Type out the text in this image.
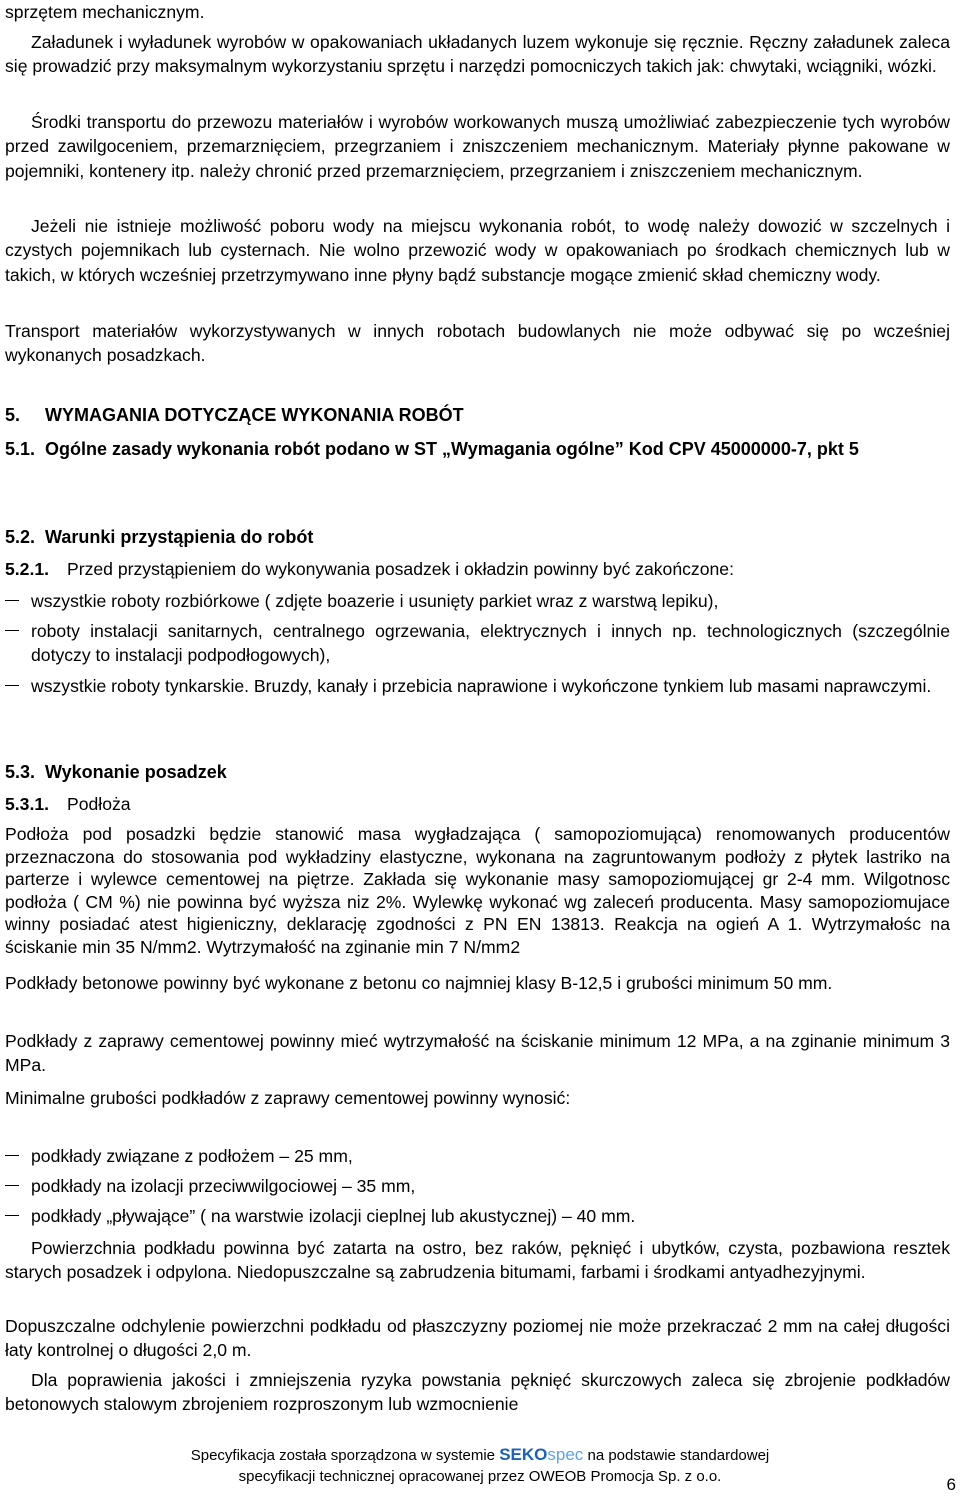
sprzętem mechanicznym.

Załadunek i wyładunek wyrobów w opakowaniach układanych luzem wykonuje się ręcznie. Ręczny załadunek zaleca się prowadzić przy maksymalnym wykorzystaniu sprzętu i narzędzi pomocniczych takich jak: chwytaki, wciągniki, wózki.

Środki transportu do przewozu materiałów i wyrobów workowanych muszą umożliwiać zabezpieczenie tych wyrobów przed zawilgoceniem, przemarznięciem, przegrzaniem i zniszczeniem mechanicznym. Materiały płynne pakowane w pojemniki, kontenery itp. należy chronić przed przemarznięciem, przegrzaniem i zniszczeniem mechanicznym.

Jeżeli nie istnieje możliwość poboru wody na miejscu wykonania robót, to wodę należy dowozić w szczelnych i czystych pojemnikach lub cysternach. Nie wolno przewozić wody w opakowaniach po środkach chemicznych lub w takich, w których wcześniej przetrzymywano inne płyny bądź substancje mogące zmienić skład chemiczny wody.

Transport materiałów wykorzystywanych w innych robotach budowlanych nie może odbywać się po wcześniej wykonanych posadzkach.

5. WYMAGANIA DOTYCZĄCE WYKONANIA ROBÓT
5.1. Ogólne zasady wykonania robót podano w ST „Wymagania ogólne” Kod CPV 45000000-7, pkt 5
5.2. Warunki przystąpienia do robót
5.2.1. Przed przystąpieniem do wykonywania posadzek i okładzin powinny być zakończone:
wszystkie roboty rozbiórkowe ( zdjęte boazerie i usunięty parkiet wraz z warstwą lepiku),
roboty instalacji sanitarnych, centralnego ogrzewania, elektrycznych i innych np. technologicznych (szczególnie dotyczy to instalacji podpodłogowych),
wszystkie roboty tynkarskie. Bruzdy, kanały i przebicia naprawione i wykończone tynkiem lub masami naprawczymi.
5.3. Wykonanie posadzek
5.3.1. Podłoża

Podłoża pod posadzki będzie stanowić masa wygładzająca ( samopoziomująca) renomowanych producentów przeznaczona do stosowania pod wykładziny elastyczne, wykonana na zagruntowanym podłoży z płytek lastriko na parterze i wylewce cementowej na piętrze. Zakłada się wykonanie masy samopoziomującej gr 2-4 mm. Wilgotnosc podłoża ( CM %) nie powinna być wyższa niz 2%. Wylewkę wykonać wg zaleceń producenta. Masy samopoziomujace winny posiadać atest higieniczny, deklarację zgodności z PN EN 13813. Reakcja na ogień A 1. Wytrzymałośc na ściskanie min 35 N/mm2. Wytrzymałość na zginanie min 7 N/mm2

Podkłady betonowe powinny być wykonane z betonu co najmniej klasy B-12,5 i grubości minimum 50 mm.

Podkłady z zaprawy cementowej powinny mieć wytrzymałość na ściskanie minimum 12 MPa, a na zginanie minimum 3 MPa.

Minimalne grubości podkładów z zaprawy cementowej powinny wynosić:

podkłady związane z podłożem – 25 mm,
podkłady na izolacji przeciwwilgociowej – 35 mm,
podkłady „pływające” ( na warstwie izolacji cieplnej lub akustycznej) – 40 mm.

Powierzchnia podkładu powinna być zatarta na ostro, bez raków, pęknięć i ubytków, czysta, pozbawiona resztek starych posadzek i odpylona. Niedopuszczalne są zabrudzenia bitumami, farbami i środkami antyadhezyjnymi.

Dopuszczalne odchylenie powierzchni podkładu od płaszczyzny poziomej nie może przekraczać 2 mm na całej długości łaty kontrolnej o długości 2,0 m.

Dla poprawienia jakości i zmniejszenia ryzyka powstania pęknięć skurczowych zaleca się zbrojenie podkładów betonowych stalowym zbrojeniem rozproszonym lub wzmocnienie

Specyfikacja została sporządzona w systemie SEKOspec na podstawie standardowej
specyfikacji technicznej opracowanej przez OWEOB Promocja Sp. z o.o.	6
